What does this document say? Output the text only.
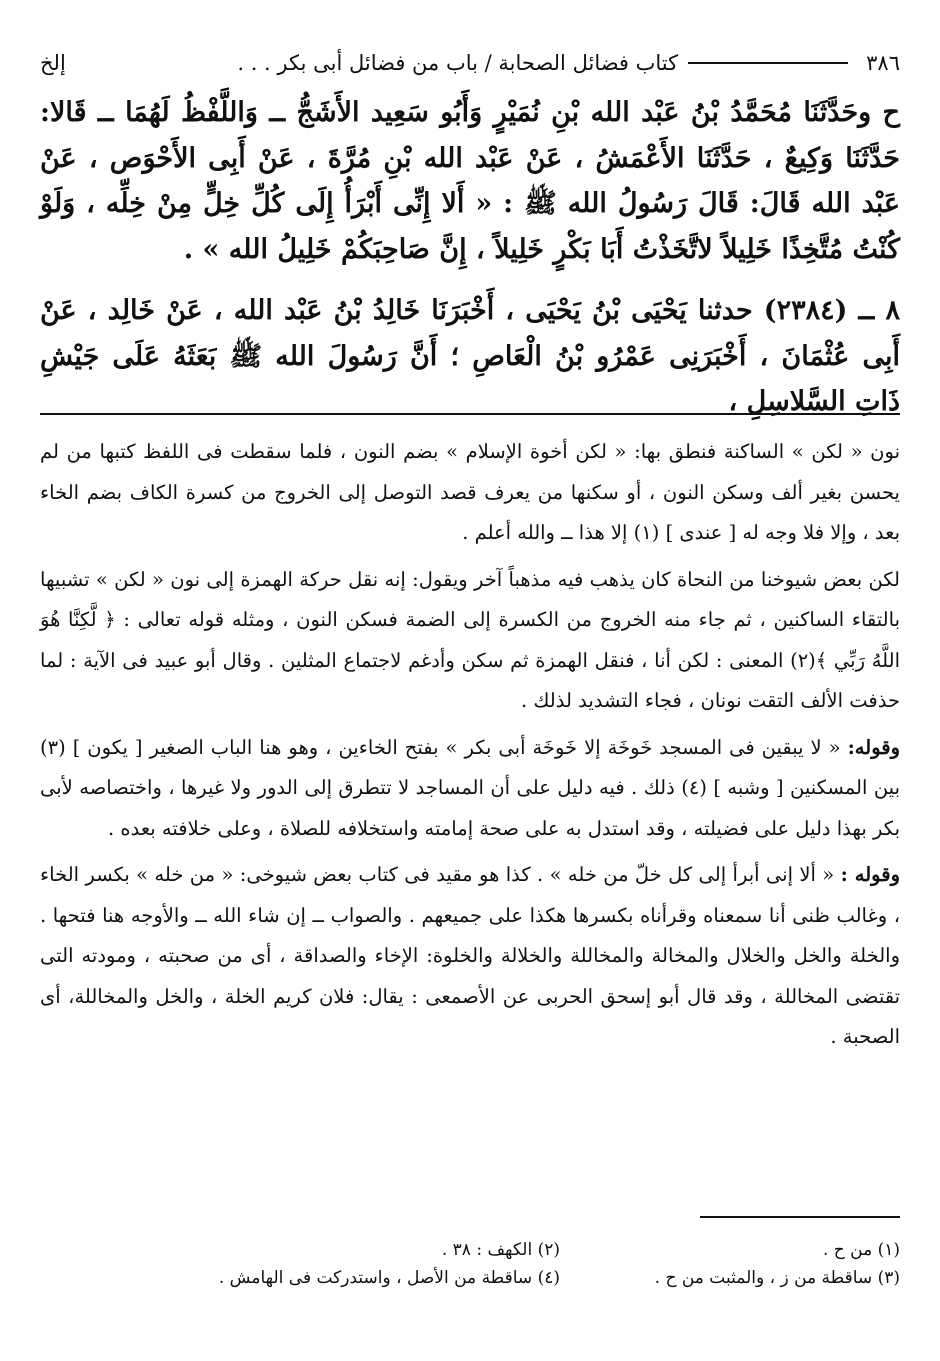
٣٨٦
كتاب فضائل الصحابة / باب من فضائل أبى بكر . . .
إلخ

ح وحَدَّثَنَا مُحَمَّدُ بْنُ عَبْد الله بْنِ نُمَيْرٍ وَأَبُو سَعِيد الأَشَجُّ ــ وَاللَّفْظُ لَهُمَا ــ قَالا: حَدَّثَنَا وَكِيعٌ ، حَدَّثَنَا الأَعْمَشُ ، عَنْ عَبْد الله بْنِ مُرَّةَ ، عَنْ أَبِى الأَحْوَص ، عَنْ عَبْد الله قَالَ: قَالَ رَسُولُ الله ﷺ : « أَلا إِنِّى أَبْرَأُ إِلَى كُلِّ خِلٍّ مِنْ خِلِّه ، وَلَوْ كُنْتُ مُتَّخِذًا خَلِيلاً لاتَّخَذْتُ أَبَا بَكْرٍ خَلِيلاً ، إِنَّ صَاحِبَكُمْ خَلِيلُ الله » .

٨ ــ (٢٣٨٤) حدثنا يَحْيَى بْنُ يَحْيَى ، أَخْبَرَنَا خَالِدُ بْنُ عَبْد الله ، عَنْ خَالِد ، عَنْ أَبِى عُثْمَانَ ، أَخْبَرَنِى عَمْرُو بْنُ الْعَاصِ ؛ أَنَّ رَسُولَ الله ﷺ بَعَثَهُ عَلَى جَيْشِ ذَاتِ السَّلاسِلِ ،

نون « لكن » الساكنة فنطق بها: « لكن أخوة الإسلام » بضم النون ، فلما سقطت فى اللفظ كتبها من لم يحسن بغير ألف وسكن النون ، أو سكنها من يعرف قصد التوصل إلى الخروج من كسرة الكاف بضم الخاء بعد ، وإلا فلا وجه له [ عندى ] (١) إلا هذا ــ والله أعلم .

لكن بعض شيوخنا من النحاة كان يذهب فيه مذهباً آخر ويقول: إنه نقل حركة الهمزة إلى نون « لكن » تشبيها بالتقاء الساكنين ، ثم جاء منه الخروج من الكسرة إلى الضمة فسكن النون ، ومثله قوله تعالى : ﴿ لَّكِنَّا هُوَ اللَّهُ رَبِّي ﴾(٢) المعنى : لكن أنا ، فنقل الهمزة ثم سكن وأدغم لاجتماع المثلين . وقال أبو عبيد فى الآية : لما حذفت الألف التقت نونان ، فجاء التشديد لذلك .

وقوله: « لا يبقين فى المسجد خَوخَة إلا خَوخَة أبى بكر » بفتح الخاءين ، وهو هنا الباب الصغير [ يكون ] (٣) بين المسكنين [ وشبه ] (٤) ذلك . فيه دليل على أن المساجد لا تتطرق إلى الدور ولا غيرها ، واختصاصه لأبى بكر بهذا دليل على فضيلته ، وقد استدل به على صحة إمامته واستخلافه للصلاة ، وعلى خلافته بعده .

وقوله : « ألا إنى أبرأ إلى كل خلّ من خله » . كذا هو مقيد فى كتاب بعض شيوخى: « من خله » بكسر الخاء ، وغالب ظنى أنا سمعناه وقرأناه بكسرها هكذا على جميعهم . والصواب ــ إن شاء الله ــ والأوجه هنا فتحها . والخلة والخل والخلال والمخالة والمخاللة والخلالة والخلوة: الإخاء والصداقة ، أى من صحبته ، ومودته التى تقتضى المخاللة ، وقد قال أبو إسحق الحربى عن الأصمعى : يقال: فلان كريم الخلة ، والخل والمخاللة، أى الصحبة .

(١) من ح .
(٢) الكهف : ٣٨ .
(٣) ساقطة من ز ، والمثبت من ح .
(٤) ساقطة من الأصل ، واستدركت فى الهامش .
